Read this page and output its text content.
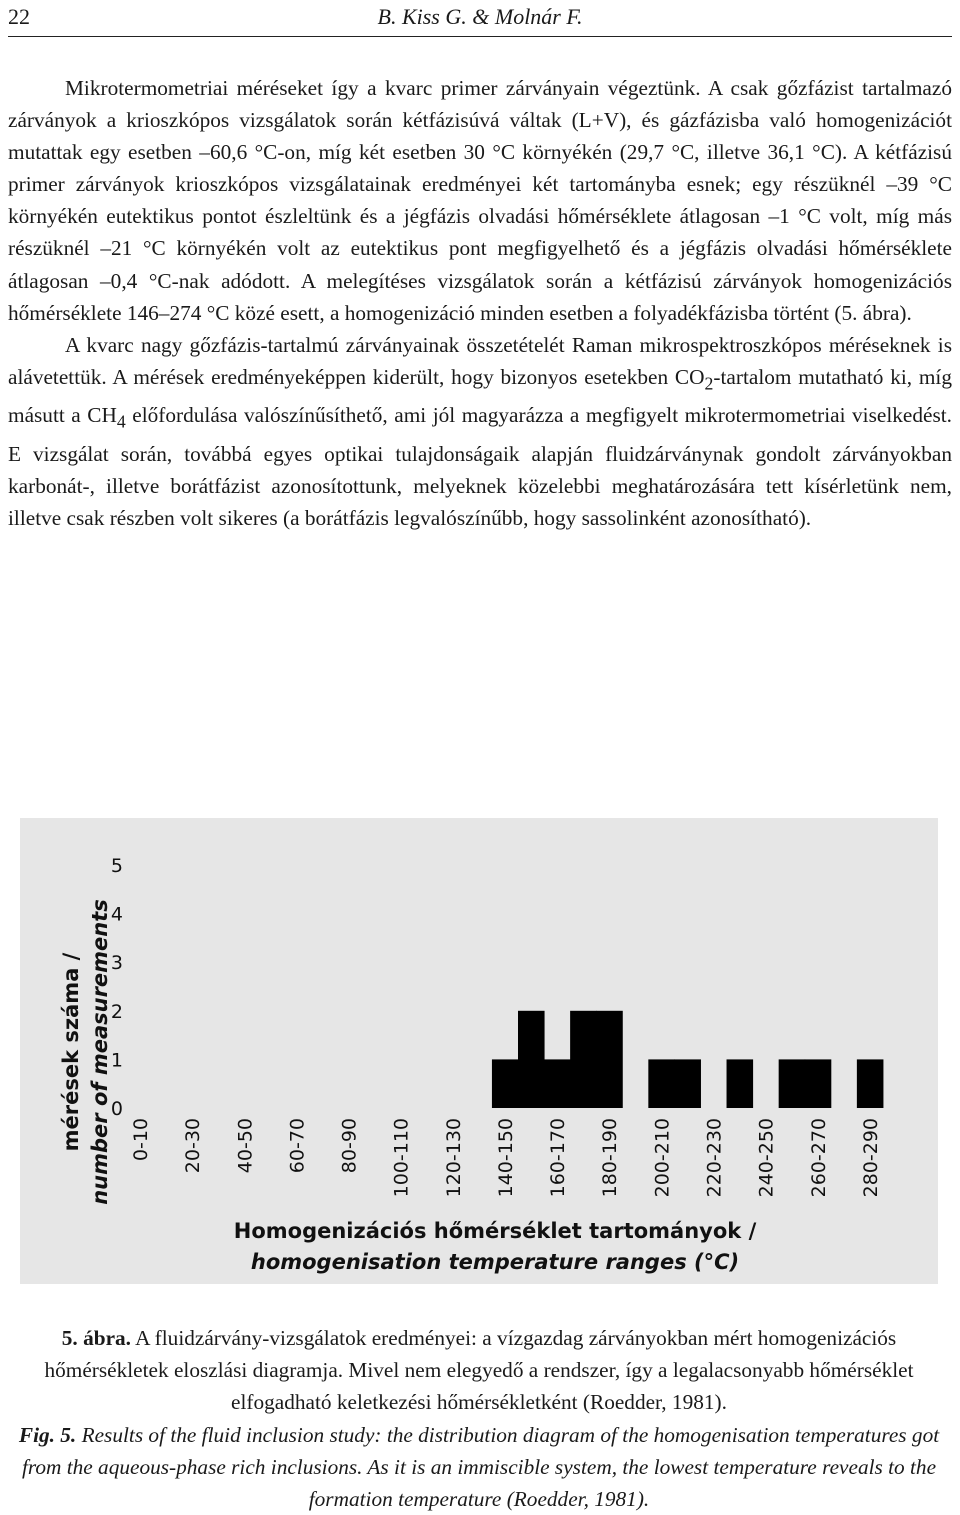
22	B. Kiss G. & Molnár F.

Mikrotermometriai méréseket így a kvarc primer zárványain végeztünk. A csak gőzfázist tartalmazó zárványok a krioszkópos vizsgálatok során kétfázisúvá váltak (L+V), és gázfázisba való homogenizációt mutattak egy esetben –60,6 °C-on, míg két esetben 30 °C környékén (29,7 °C, illetve 36,1 °C). A kétfázisú primer zárványok krioszkópos vizsgálatainak eredményei két tartományba esnek; egy részüknél –39 °C környékén eutektikus pontot észleltünk és a jégfázis olvadási hőmérséklete átlagosan –1 °C volt, míg más részüknél –21 °C környékén volt az eutektikus pont megfigyelhető és a jégfázis olvadási hőmérséklete átlagosan –0,4 °C-nak adódott. A melegítéses vizsgálatok során a kétfázisú zárványok homogenizációs hőmérséklete 146–274 °C közé esett, a homogenizáció minden esetben a folyadékfázisba történt (5. ábra).

A kvarc nagy gőzfázis-tartalmú zárványainak összetételét Raman mikrospektroszkópos méréseknek is alávetettük. A mérések eredményeképpen kiderült, hogy bizonyos esetekben $CO_2$-tartalom mutatható ki, míg másutt a $CH_4$ előfordulása valószínűsíthető, ami jól magyarázza a megfigyelt mikrotermometriai viselkedést. E vizsgálat során, továbbá egyes optikai tulajdonságaik alapján fluidzárványnak gondolt zárványokban karbonát-, illetve borátfázist azonosítottunk, melyeknek közelebbi meghatározására tett kísérletünk nem, illetve csak részben volt sikeres (a borátfázis legvalószínűbb, hogy sassolinként azonosítható).

0
1
2
3
4
5
0-10 20-30 40-50 60-70 80-90 100-110 120-130 140-150 160-170 180-190 200-210 220-230 240-250 260-270 280-290
mérések száma / number of measurements
Homogenizációs hőmérséklet tartományok /
homogenisation temperature ranges (°C)

5. ábra. A fluidzárvány-vizsgálatok eredményei: a vízgazdag zárványokban mért homogenizációs hőmérsékletek eloszlási diagramja. Mivel nem elegyedő a rendszer, így a legalacsonyabb hőmérséklet elfogadható keletkezési hőmérsékletként (Roedder, 1981).

Fig. 5. Results of the fluid inclusion study: the distribution diagram of the homogenisation temperatures got from the aqueous-phase rich inclusions. As it is an immiscible system, the lowest temperature reveals to the formation temperature (Roedder, 1981).
